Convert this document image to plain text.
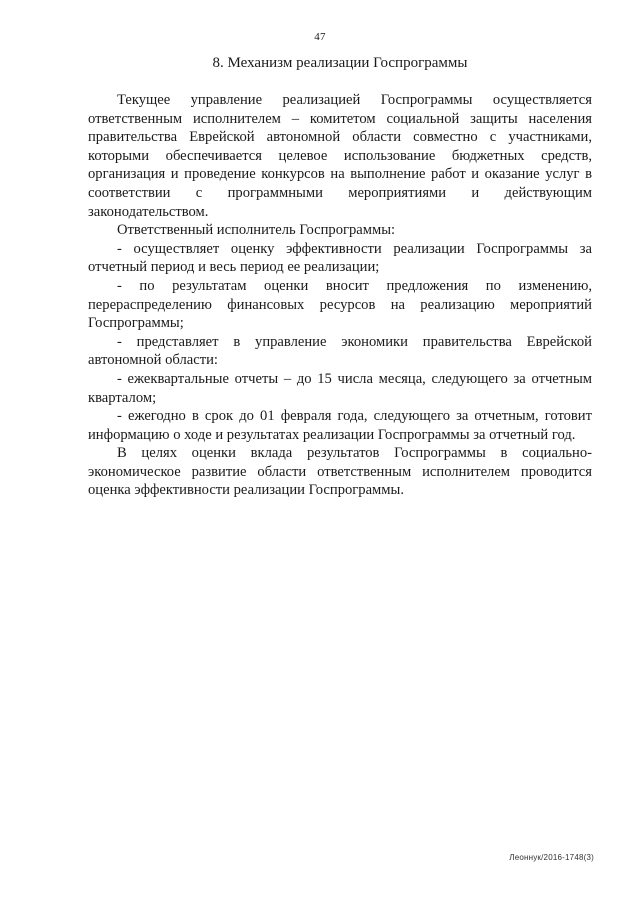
47
8. Механизм реализации Госпрограммы

Текущее управление реализацией Госпрограммы осуществляется ответственным исполнителем – комитетом социальной защиты населения правительства Еврейской автономной области совместно с участниками, которыми обеспечивается целевое использование бюджетных средств, организация и проведение конкурсов на выполнение работ и оказание услуг в соответствии с программными мероприятиями и действующим законодательством.

Ответственный исполнитель Госпрограммы:

- осуществляет оценку эффективности реализации Госпрограммы за отчетный период и весь период ее реализации;

- по результатам оценки вносит предложения по изменению, перераспределению финансовых ресурсов на реализацию мероприятий Госпрограммы;

- представляет в управление экономики правительства Еврейской автономной области:

- ежеквартальные отчеты – до 15 числа месяца, следующего за отчетным кварталом;

- ежегодно в срок до 01 февраля года, следующего за отчетным, готовит информацию о ходе и результатах реализации Госпрограммы за отчетный год.

В целях оценки вклада результатов Госпрограммы в социально-экономическое развитие области ответственным исполнителем проводится оценка эффективности реализации Госпрограммы.

Леоннук/2016-1748(3)
